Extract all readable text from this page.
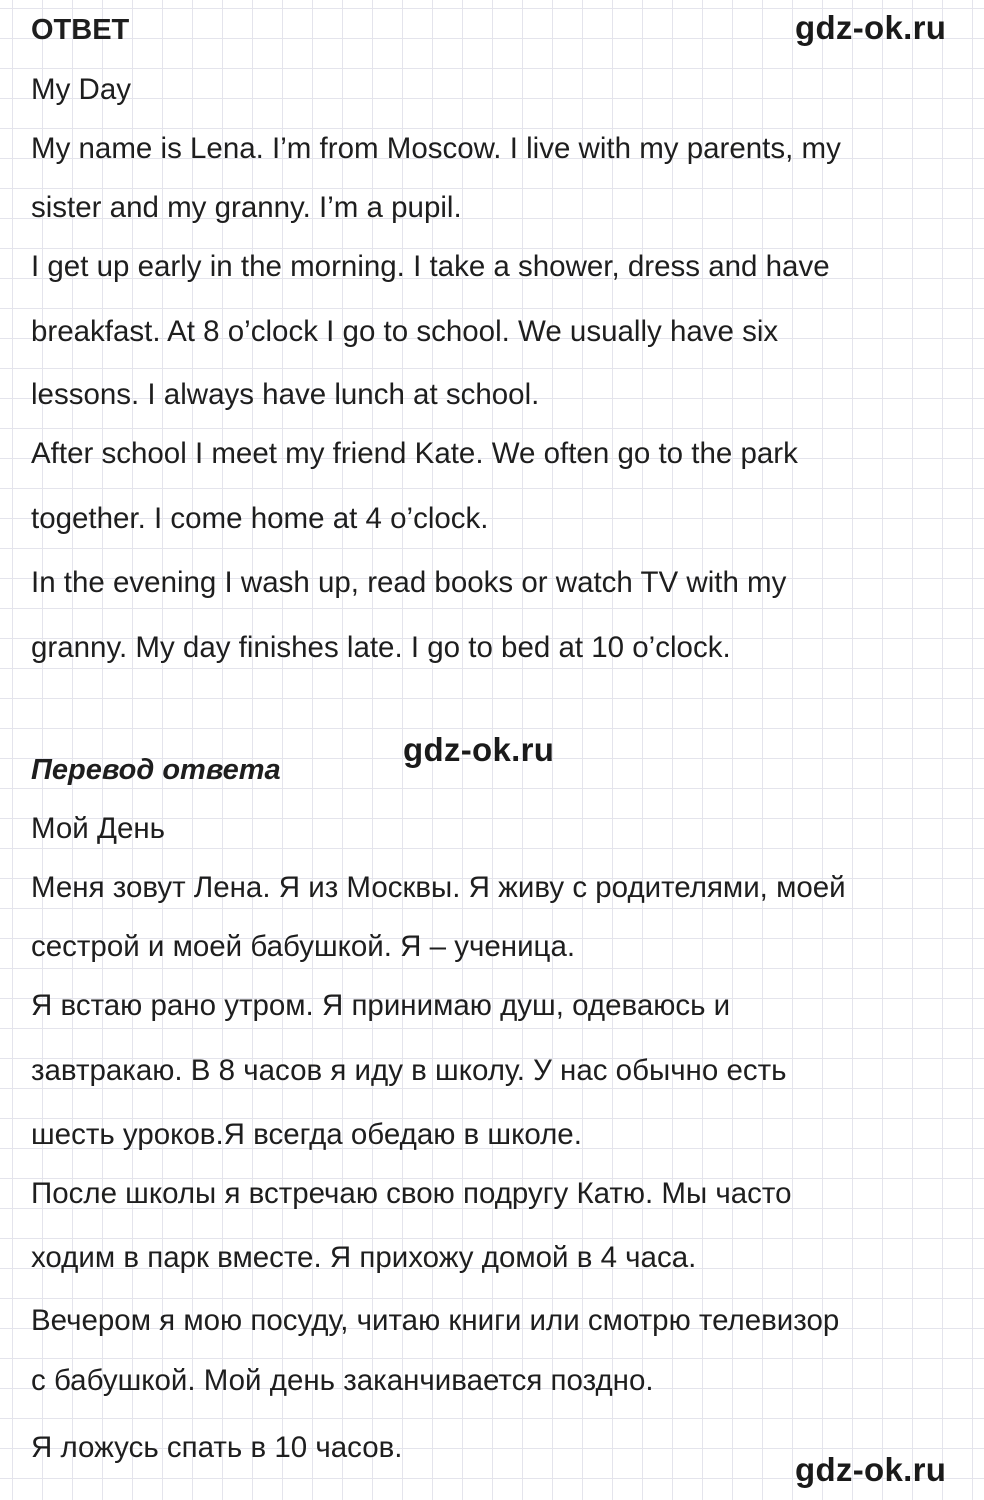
gdz-ok.ru
gdz-ok.ru
gdz-ok.ru
ОТВЕТ

My Day

My name is Lena. I’m from Moscow. I live with my parents, my

sister and my granny. I’m a pupil.

I get up early in the morning. I take a shower, dress and have

breakfast. At 8 o’clock I go to school. We usually have six

lessons. I always have lunch at school.

After school I meet my friend Kate. We often go to the park

together. I come home at 4 o’clock.

In the evening I wash up, read books or watch TV with my

granny. My day finishes late. I go to bed at 10 o’clock.

Перевод ответа

Мой День

Меня зовут Лена. Я из Москвы. Я живу с родителями, моей

сестрой и моей бабушкой. Я – ученица.

Я встаю рано утром. Я принимаю душ, одеваюсь и

завтракаю. В 8 часов я иду в школу. У нас обычно есть

шесть уроков.Я всегда обедаю в школе.

После школы я встречаю свою подругу Катю. Мы часто

ходим в парк вместе. Я прихожу домой в 4 часа.

Вечером я мою посуду, читаю книги или смотрю телевизор

с бабушкой. Мой день заканчивается поздно.

Я ложусь спать в 10 часов.
